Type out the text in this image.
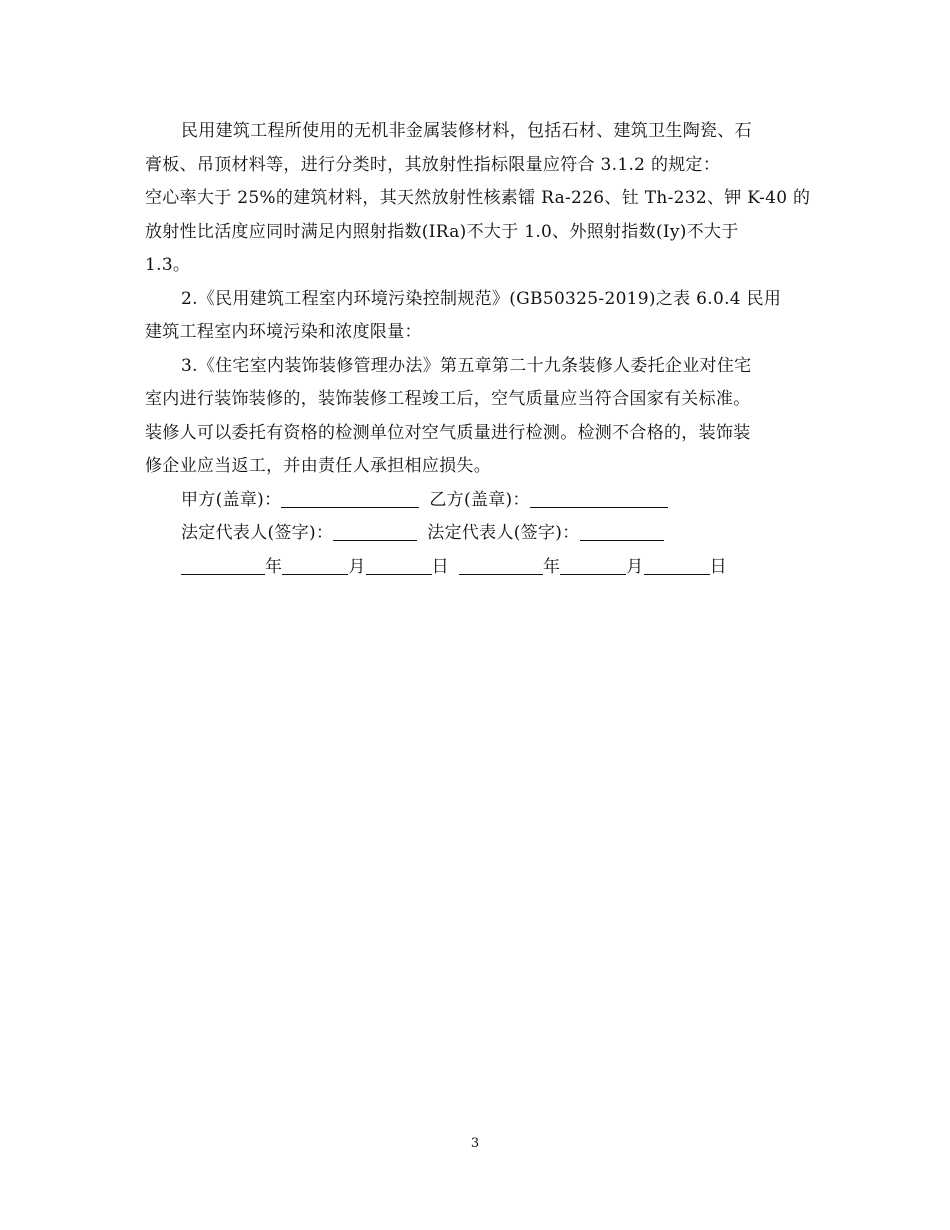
民用建筑工程所使用的无机非金属装修材料，包括石材、建筑卫生陶瓷、石
膏板、吊顶材料等，进行分类时，其放射性指标限量应符合 3.1.2 的规定：

空心率大于 25%的建筑材料，其天然放射性核素镭 Ra-226、钍 Th-232、钾 K-40 的
放射性比活度应同时满足内照射指数(IRa)不大于 1.0、外照射指数(Iy)不大于
1.3。

2.《民用建筑工程室内环境污染控制规范》(GB50325-2019)之表 6.0.4 民用
建筑工程室内环境污染和浓度限量：

3.《住宅室内装饰装修管理办法》第五章第二十九条装修人委托企业对住宅
室内进行装饰装修的，装饰装修工程竣工后，空气质量应当符合国家有关标准。
装修人可以委托有资格的检测单位对空气质量进行检测。检测不合格的，装饰装
修企业应当返工，并由责任人承担相应损失。

甲方(盖章)：	乙方(盖章)：

法定代表人(签字)：	法定代表人(签字)：

年	月	日	年	月	日

3
